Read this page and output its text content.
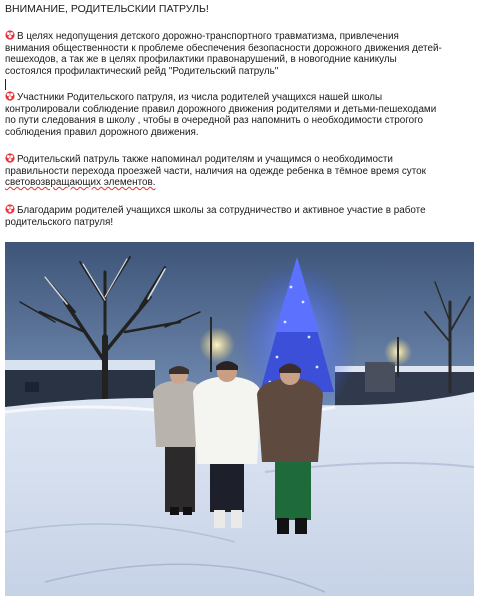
ВНИМАНИЕ, РОДИТЕЛЬСКИИ ПАТРУЛЬ!
В целях недопущения детского дорожно-транспортного травматизма, привлечения
внимания общественности к проблеме обеспечения безопасности дорожного движения детей-
пешеходов, а так же в целях профилактики правонарушений, в новогодние каникулы
состоялся профилактический рейд "Родительский патруль"
Участники Родительского патруля, из числа родителей учащихся нашей школы
контролировали соблюдение правил дорожного движения родителями и детьми-пешеходами
по пути следования в школу , чтобы в очередной раз напомнить о необходимости строгого
соблюдения правил дорожного движения.
Родительский патруль также напоминал родителям и учащимся о необходимости
правильности перехода проезжей части, наличия на одежде ребенка в тёмное время суток
световозвращающих элементов.
Благодарим родителей учащихся школы за сотрудничество и активное участие в работе
родительского патруля!
